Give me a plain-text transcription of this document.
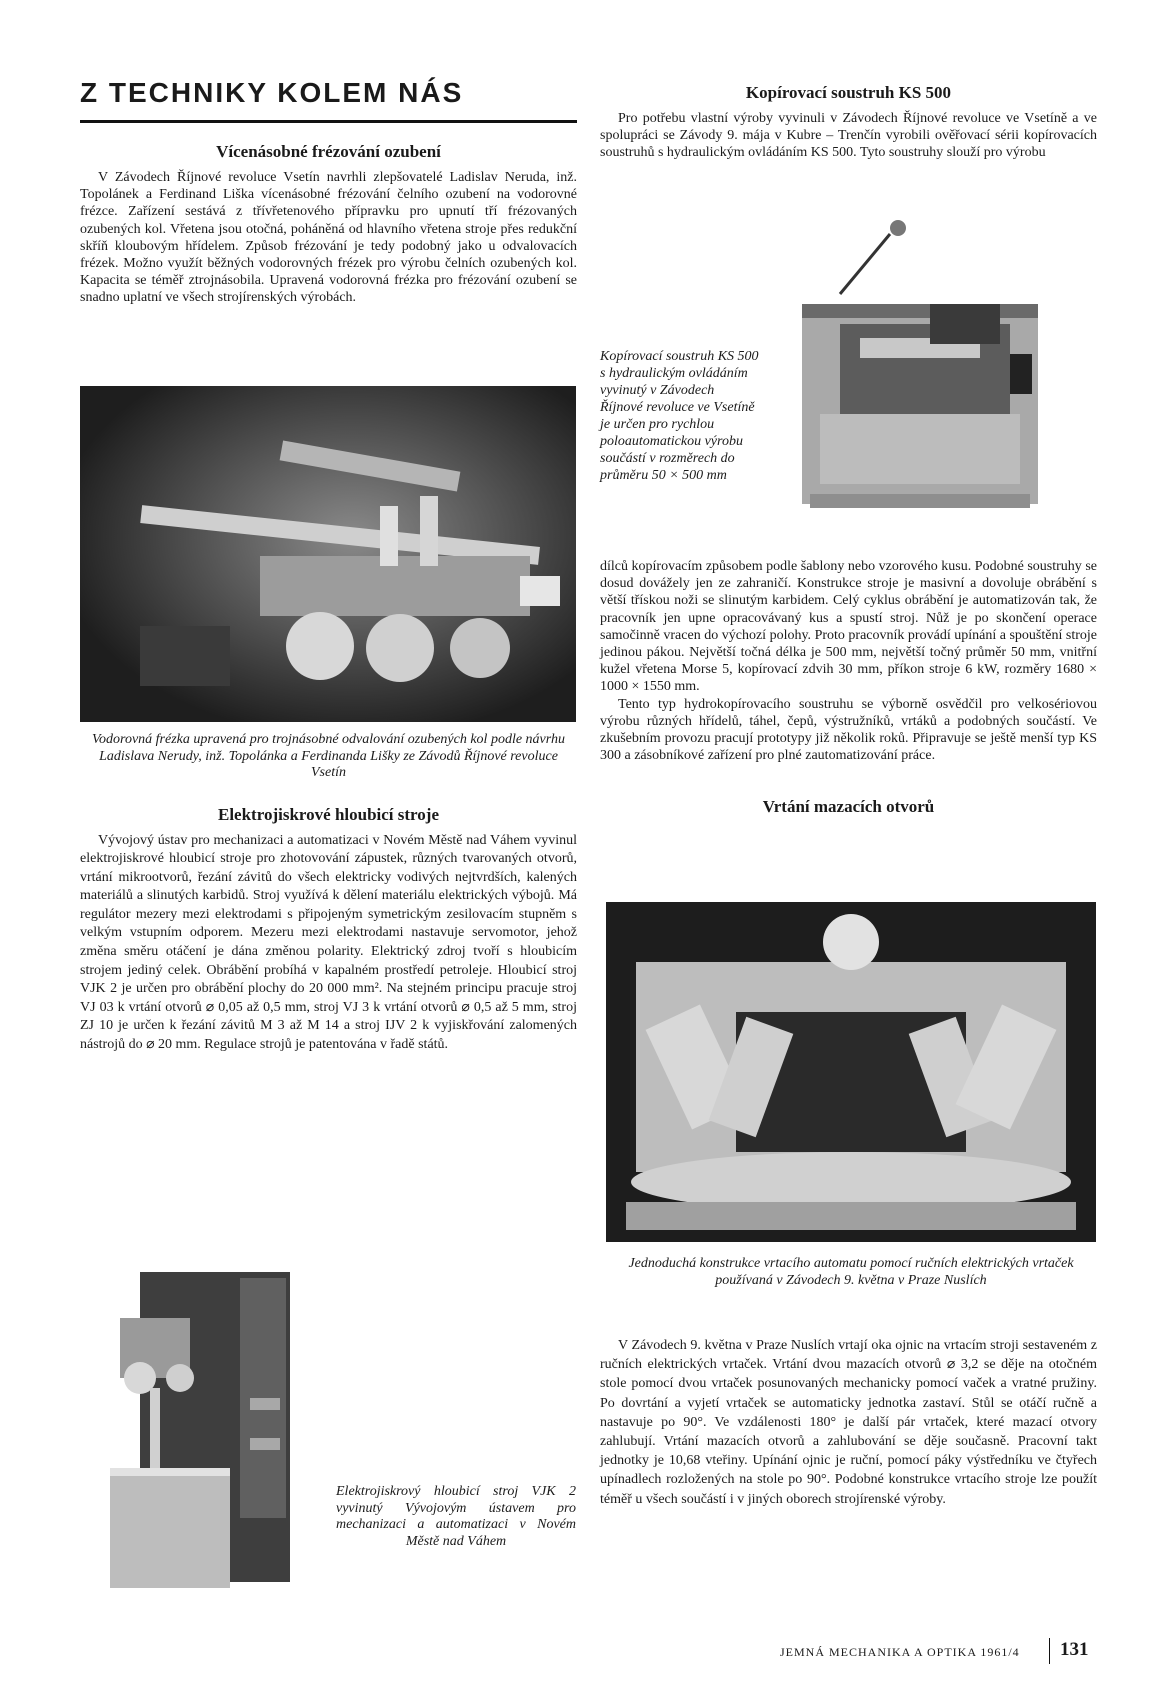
Z TECHNIKY KOLEM NÁS
Vícenásobné frézování ozubení

V Závodech Říjnové revoluce Vsetín navrhli zlepšovatelé Ladislav Neruda, inž. Topolánek a Ferdinand Liška vícenásobné frézování čelního ozubení na vodorovné frézce. Zařízení sestává z třívřetenového přípravku pro upnutí tří frézovaných ozubených kol. Vřetena jsou otočná, poháněná od hlavního vřetena stroje přes redukční skříň kloubovým hřídelem. Způsob frézování je tedy podobný jako u odvalovacích frézek. Možno využít běžných vodorovných frézek pro výrobu čelních ozubených kol. Kapacita se téměř ztrojnásobila. Upravená vodorovná frézka pro frézování ozubení se snadno uplatní ve všech strojírenských výrobách.

Vodorovná frézka upravená pro trojnásobné odvalování ozubených kol podle návrhu Ladislava Nerudy, inž. Topolánka a Ferdinanda Lišky ze Závodů Říjnové revoluce Vsetín
Elektrojiskrové hloubicí stroje

Vývojový ústav pro mechanizaci a automatizaci v Novém Městě nad Váhem vyvinul elektrojiskrové hloubicí stroje pro zhotovování zápustek, různých tvarovaných otvorů, vrtání mikrootvorů, řezání závitů do všech elektricky vodivých nejtvrdších, kalených materiálů a slinutých karbidů. Stroj využívá k dělení materiálu elektrických výbojů. Má regulátor mezery mezi elektrodami s připojeným symetrickým zesilovacím stupněm s velkým vstupním odporem. Mezeru mezi elektrodami nastavuje servomotor, jehož změna směru otáčení je dána změnou polarity. Elektrický zdroj tvoří s hloubicím strojem jediný celek. Obrábění probíhá v kapalném prostředí petroleje. Hloubicí stroj VJK 2 je určen pro obrábění plochy do 20 000 mm². Na stejném principu pracuje stroj VJ 03 k vrtání otvorů ⌀ 0,05 až 0,5 mm, stroj VJ 3 k vrtání otvorů ⌀ 0,5 až 5 mm, stroj ZJ 10 je určen k řezání závitů M 3 až M 14 a stroj IJV 2 k vyjiskřování zalomených nástrojů do ⌀ 20 mm. Regulace strojů je patentována v řadě států.

Elektrojiskrový hloubicí stroj VJK 2 vyvinutý Vývojovým ústavem pro mechanizaci a automatizaci v Novém Městě nad Váhem
Kopírovací soustruh KS 500

Pro potřebu vlastní výroby vyvinuli v Závodech Říjnové revoluce ve Vsetíně a ve spolupráci se Závody 9. mája v Kubre – Trenčín vyrobili ověřovací sérii kopírovacích soustruhů s hydraulickým ovládáním KS 500. Tyto soustruhy slouží pro výrobu

Kopírovací soustruh KS 500 s hydraulickým ovládáním vyvinutý v Závodech Říjnové revoluce ve Vsetíně je určen pro rychlou poloautomatickou výrobu součástí v rozměrech do průměru 50 × 500 mm

dílců kopírovacím způsobem podle šablony nebo vzorového kusu. Podobné soustruhy se dosud dovážely jen ze zahraničí. Konstrukce stroje je masivní a dovoluje obrábění s větší třískou noži se slinutým karbidem. Celý cyklus obrábění je automatizován tak, že pracovník jen upne opracovávaný kus a spustí stroj. Nůž je po skončení operace samočinně vracen do výchozí polohy. Proto pracovník provádí upínání a spouštění stroje jedinou pákou. Největší točná délka je 500 mm, největší točný průměr 50 mm, vnitřní kužel vřetena Morse 5, kopírovací zdvih 30 mm, příkon stroje 6 kW, rozměry 1680 × 1000 × 1550 mm.

Tento typ hydrokopírovacího soustruhu se výborně osvědčil pro velkosériovou výrobu různých hřídelů, táhel, čepů, výstružníků, vrtáků a podobných součástí. Ve zkušebním provozu pracují prototypy již několik roků. Připravuje se ještě menší typ KS 300 a zásobníkové zařízení pro plné zautomatizování práce.

Vrtání mazacích otvorů
Jednoduchá konstrukce vrtacího automatu pomocí ručních elektrických vrtaček používaná v Závodech 9. května v Praze Nuslích

V Závodech 9. května v Praze Nuslích vrtají oka ojnic na vrtacím stroji sestaveném z ručních elektrických vrtaček. Vrtání dvou mazacích otvorů ⌀ 3,2 se děje na otočném stole pomocí dvou vrtaček posunovaných mechanicky pomocí vaček a vratné pružiny. Po dovrtání a vyjetí vrtaček se automaticky jednotka zastaví. Stůl se otáčí ručně a nastavuje po 90°. Ve vzdálenosti 180° je další pár vrtaček, které mazací otvory zahlubují. Vrtání mazacích otvorů a zahlubování se děje současně. Pracovní takt jednotky je 10,68 vteřiny. Upínání ojnic je ruční, pomocí páky výstředníku ve čtyřech upínadlech rozložených na stole po 90°. Podobné konstrukce vrtacího stroje lze použít téměř u všech součástí i v jiných oborech strojírenské výroby.

JEMNÁ MECHANIKA A OPTIKA 1961/4 131
